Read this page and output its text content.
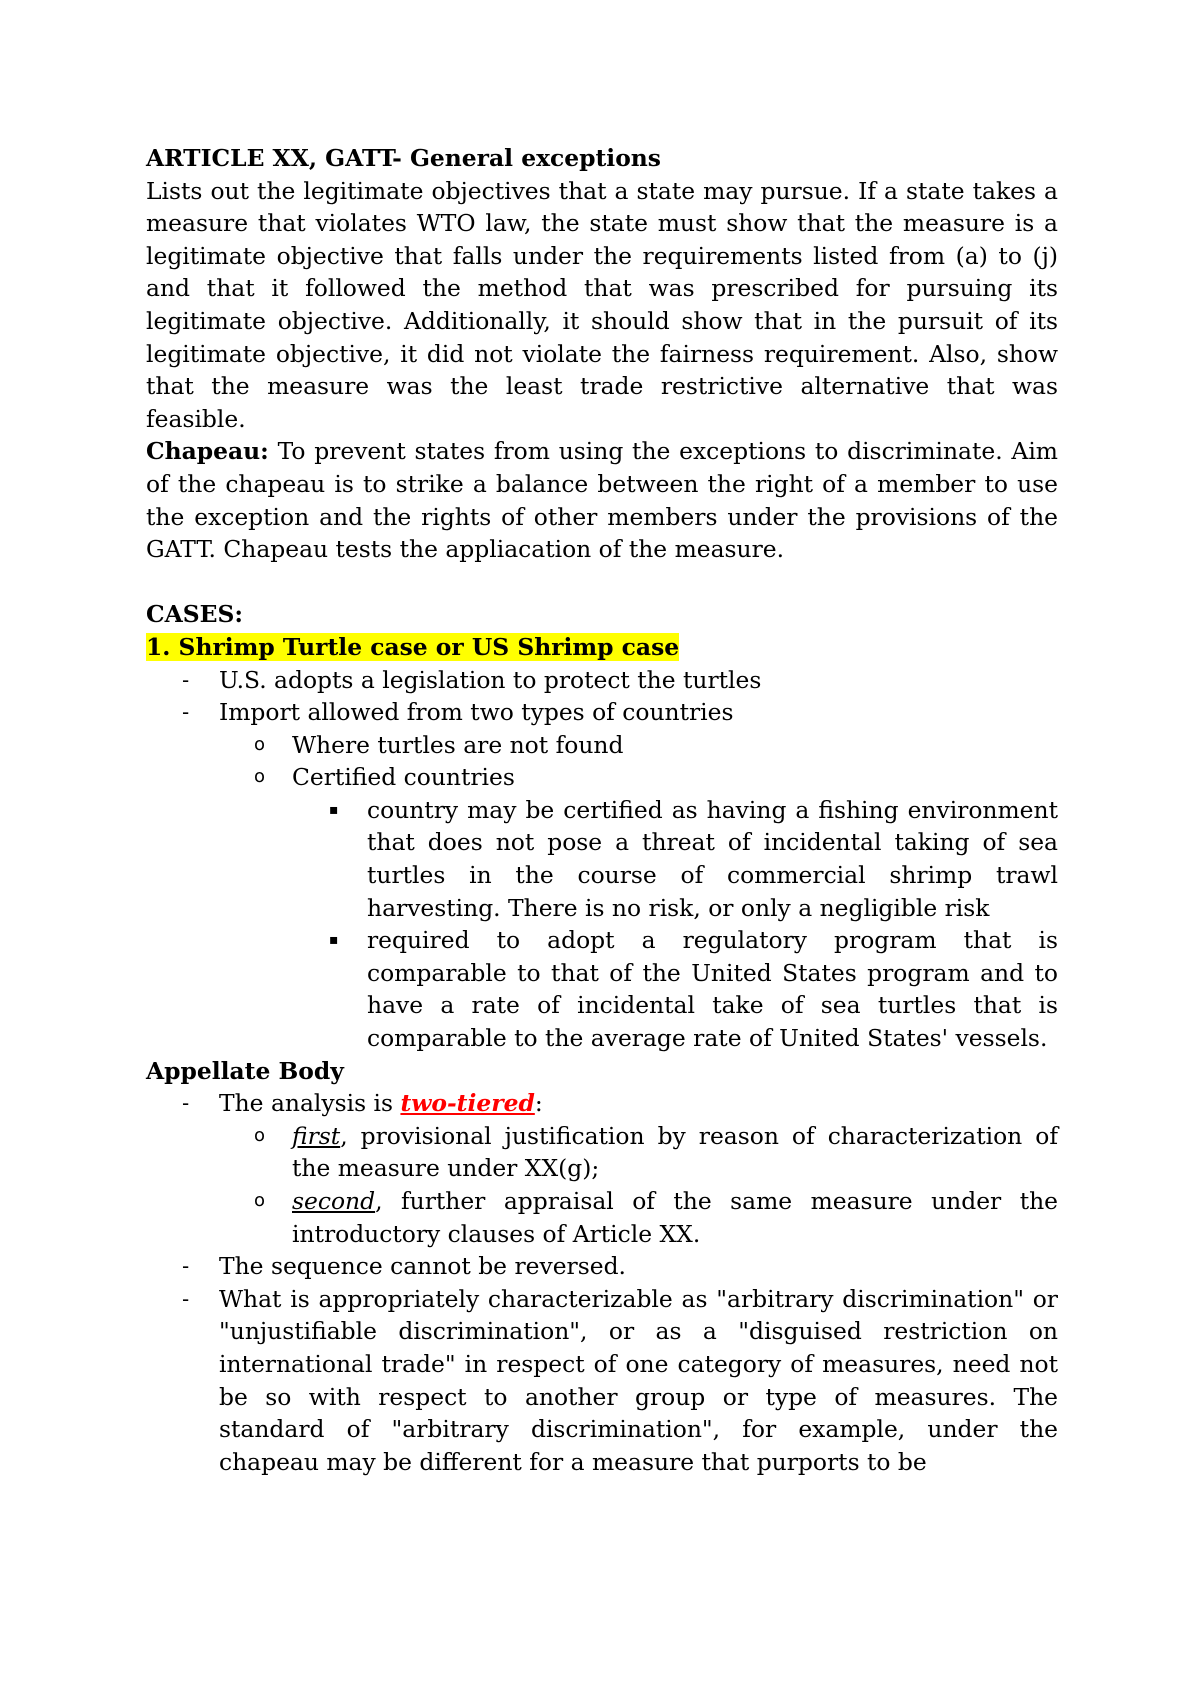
ARTICLE XX, GATT- General exceptions

Lists out the legitimate objectives that a state may pursue. If a state takes a measure that violates WTO law, the state must show that the measure is a legitimate objective that falls under the requirements listed from (a) to (j) and that it followed the method that was prescribed for pursuing its legitimate objective. Additionally, it should show that in the pursuit of its legitimate objective, it did not violate the fairness requirement. Also, show that the measure was the least trade restrictive alternative that was feasible.

Chapeau: To prevent states from using the exceptions to discriminate. Aim of the chapeau is to strike a balance between the right of a member to use the exception and the rights of other members under the provisions of the GATT. Chapeau tests the appliacation of the measure.

CASES:

1. Shrimp Turtle case or US Shrimp case

- U.S. adopts a legislation to protect the turtles
- Import allowed from two types of countries
o Where turtles are not found
o Certified countries
▪ country may be certified as having a fishing environment that does not pose a threat of incidental taking of sea turtles in the course of commercial shrimp trawl harvesting. There is no risk, or only a negligible risk
▪ required to adopt a regulatory program that is comparable to that of the United States program and to have a rate of incidental take of sea turtles that is comparable to the average rate of United States' vessels.

Appellate Body

- The analysis is two-tiered:
o first, provisional justification by reason of characterization of the measure under XX(g);
o second, further appraisal of the same measure under the introductory clauses of Article XX.
- The sequence cannot be reversed.
- What is appropriately characterizable as "arbitrary discrimination" or "unjustifiable discrimination", or as a "disguised restriction on international trade" in respect of one category of measures, need not be so with respect to another group or type of measures. The standard of "arbitrary discrimination", for example, under the chapeau may be different for a measure that purports to be
